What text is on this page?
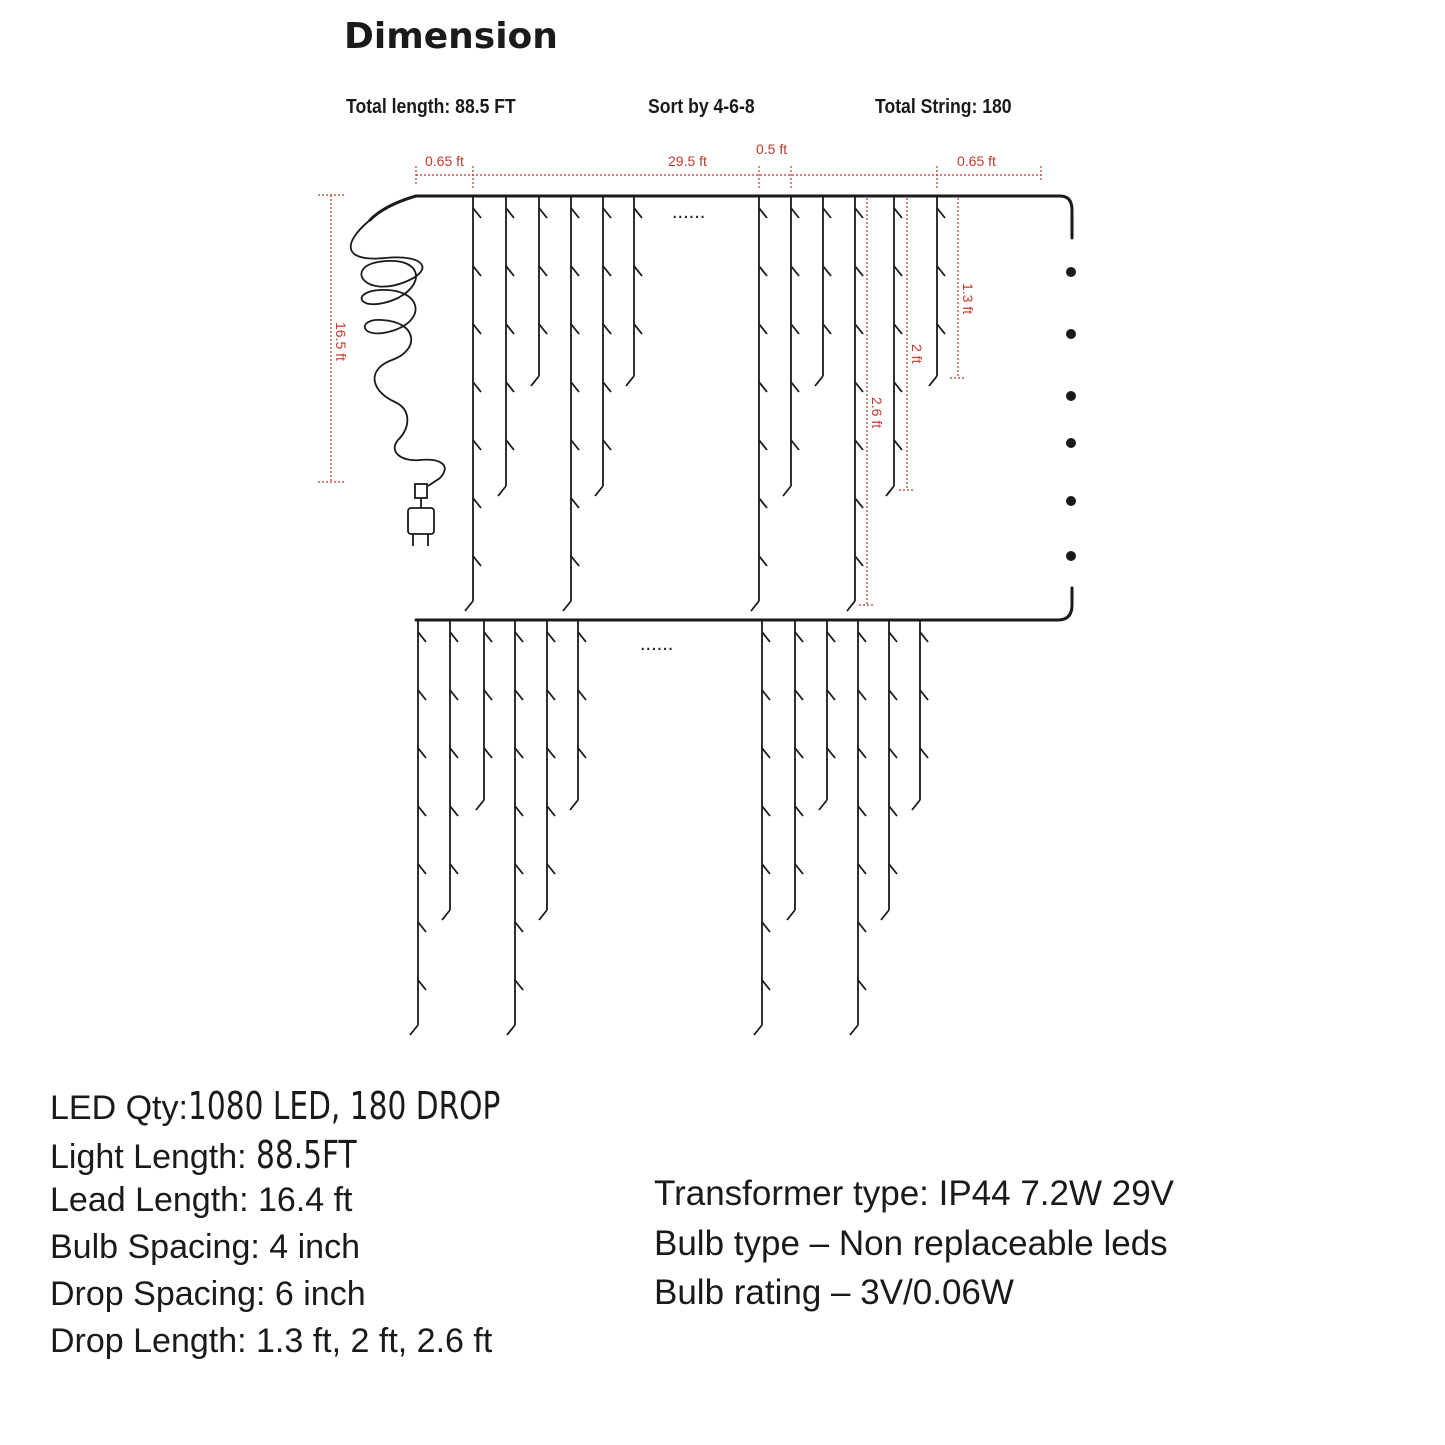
Dimension
Total length: 88.5 FT	Sort by 4-6-8	Total String: 180
0.65 ft	29.5 ft
0.5 ft
0.65 ft
16.5 ft
1.3 ft
2 ft
2.6 ft
......
......
LED Qty:1080 LED, 180 DROP
Light Length: 88.5FT
Lead Length: 16.4 ft
Bulb Spacing: 4 inch
Drop Spacing: 6 inch
Drop Length: 1.3 ft, 2 ft, 2.6 ft
Transformer type: IP44 7.2W 29V
Bulb type – Non replaceable leds
Bulb rating – 3V/0.06W
